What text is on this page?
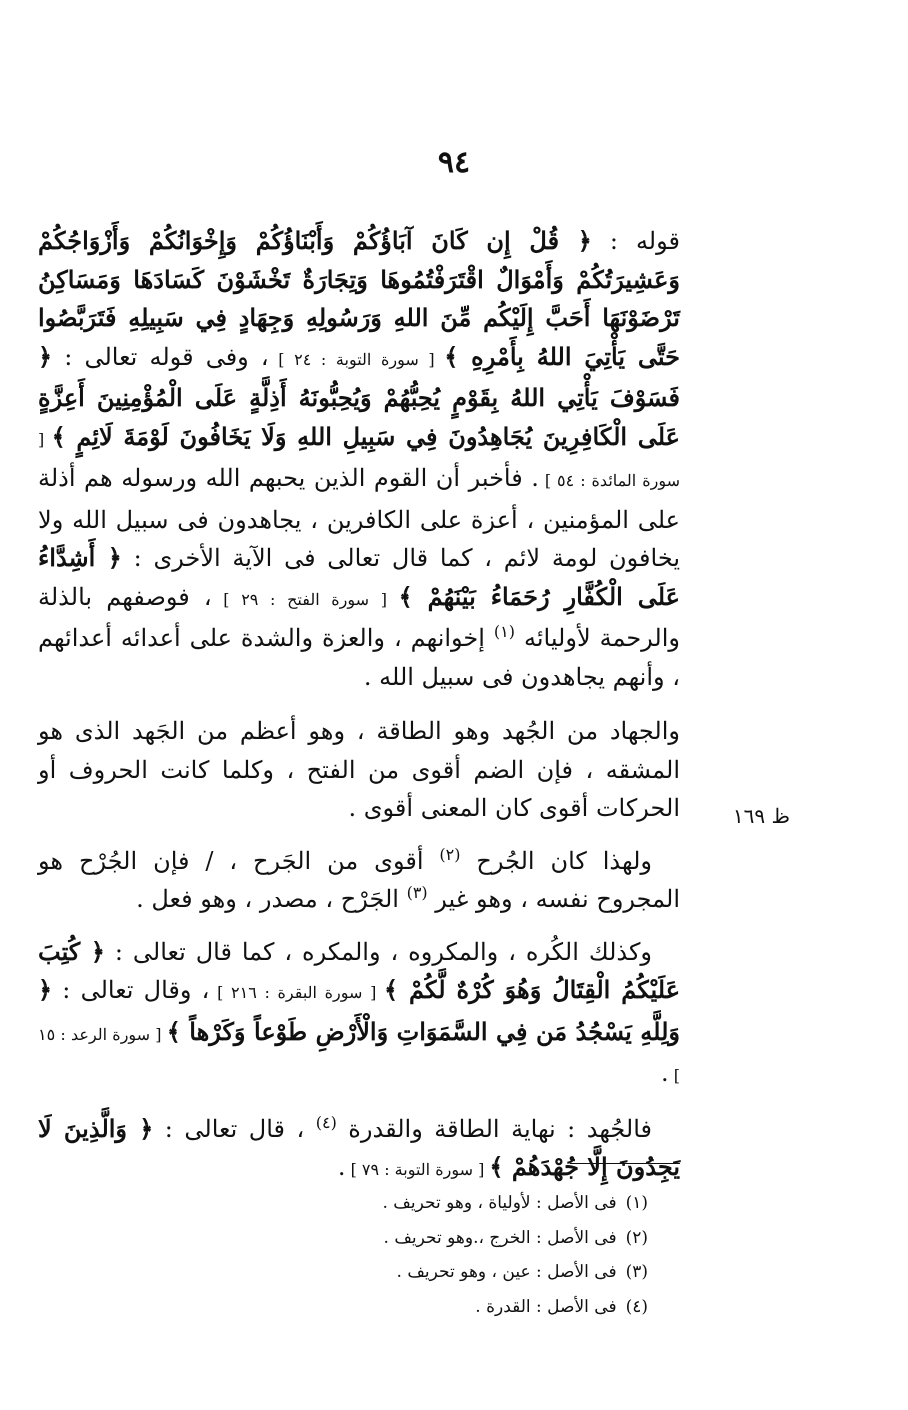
٩٤
ظ ١٦٩

قوله : ﴿ قُلْ إِن كَانَ آبَاؤُكُمْ وَأَبْنَاؤُكُمْ وَإِخْوَانُكُمْ وَأَزْوَاجُكُمْ وَعَشِيرَتُكُمْ وَأَمْوَالٌ اقْتَرَفْتُمُوهَا وَتِجَارَةٌ تَخْشَوْنَ كَسَادَهَا وَمَسَاكِنُ تَرْضَوْنَهَا أَحَبَّ إِلَيْكُم مِّنَ اللهِ وَرَسُولِهِ وَجِهَادٍ فِي سَبِيلِهِ فَتَرَبَّصُوا حَتَّى يَأْتِيَ اللهُ بِأَمْرِهِ ﴾ [ سورة التوبة : ٢٤ ] ، وفى قوله تعالى : ﴿ فَسَوْفَ يَأْتِي اللهُ بِقَوْمٍ يُحِبُّهُمْ وَيُحِبُّونَهُ أَذِلَّةٍ عَلَى الْمُؤْمِنِينَ أَعِزَّةٍ عَلَى الْكَافِرِينَ يُجَاهِدُونَ فِي سَبِيلِ اللهِ وَلَا يَخَافُونَ لَوْمَةَ لَائِمٍ ﴾ [ سورة المائدة : ٥٤ ] . فأخبر أن القوم الذين يحبهم الله ورسوله هم أذلة على المؤمنين ، أعزة على الكافرين ، يجاهدون فى سبيل الله ولا يخافون لومة لائم ، كما قال تعالى فى الآية الأخرى : ﴿ أَشِدَّاءُ عَلَى الْكُفَّارِ رُحَمَاءُ بَيْنَهُمْ ﴾ [ سورة الفتح : ٢٩ ] ، فوصفهم بالذلة والرحمة لأوليائه $^{(١)}$ إخوانهم ، والعزة والشدة على أعدائه أعدائهم ، وأنهم يجاهدون فى سبيل الله .

والجهاد من الجُهد وهو الطاقة ، وهو أعظم من الجَهد الذى هو المشقه ، فإن الضم أقوى من الفتح ، وكلما كانت الحروف أو الحركات أقوى كان المعنى أقوى .

ولهذا كان الجُرح $^{(٢)}$ أقوى من الجَرح ، / فإن الجُرْح هو المجروح نفسه ، وهو غير $^{(٣)}$ الجَرْح ، مصدر ، وهو فعل .

وكذلك الكُره ، والمكروه ، والمكره ، كما قال تعالى : ﴿ كُتِبَ عَلَيْكُمُ الْقِتَالُ وَهُوَ كُرْهٌ لَّكُمْ ﴾ [ سورة البقرة : ٢١٦ ] ، وقال تعالى : ﴿ وَلِلَّهِ يَسْجُدُ مَن فِي السَّمَوَاتِ وَالْأَرْضِ طَوْعاً وَكَرْهاً ﴾ [ سورة الرعد : ١٥ ] .

فالجُهد : نهاية الطاقة والقدرة $^{(٤)}$ ، قال تعالى : ﴿ وَالَّذِينَ لَا يَجِدُونَ إِلَّا جُهْدَهُمْ ﴾ [ سورة التوبة : ٧٩ ] .

(١) فى الأصل : لأولياة ، وهو تحريف .
(٢) فى الأصل : الخرج ،.وهو تحريف .
(٣) فى الأصل : عين ، وهو تحريف .
(٤) فى الأصل : القدرة .
